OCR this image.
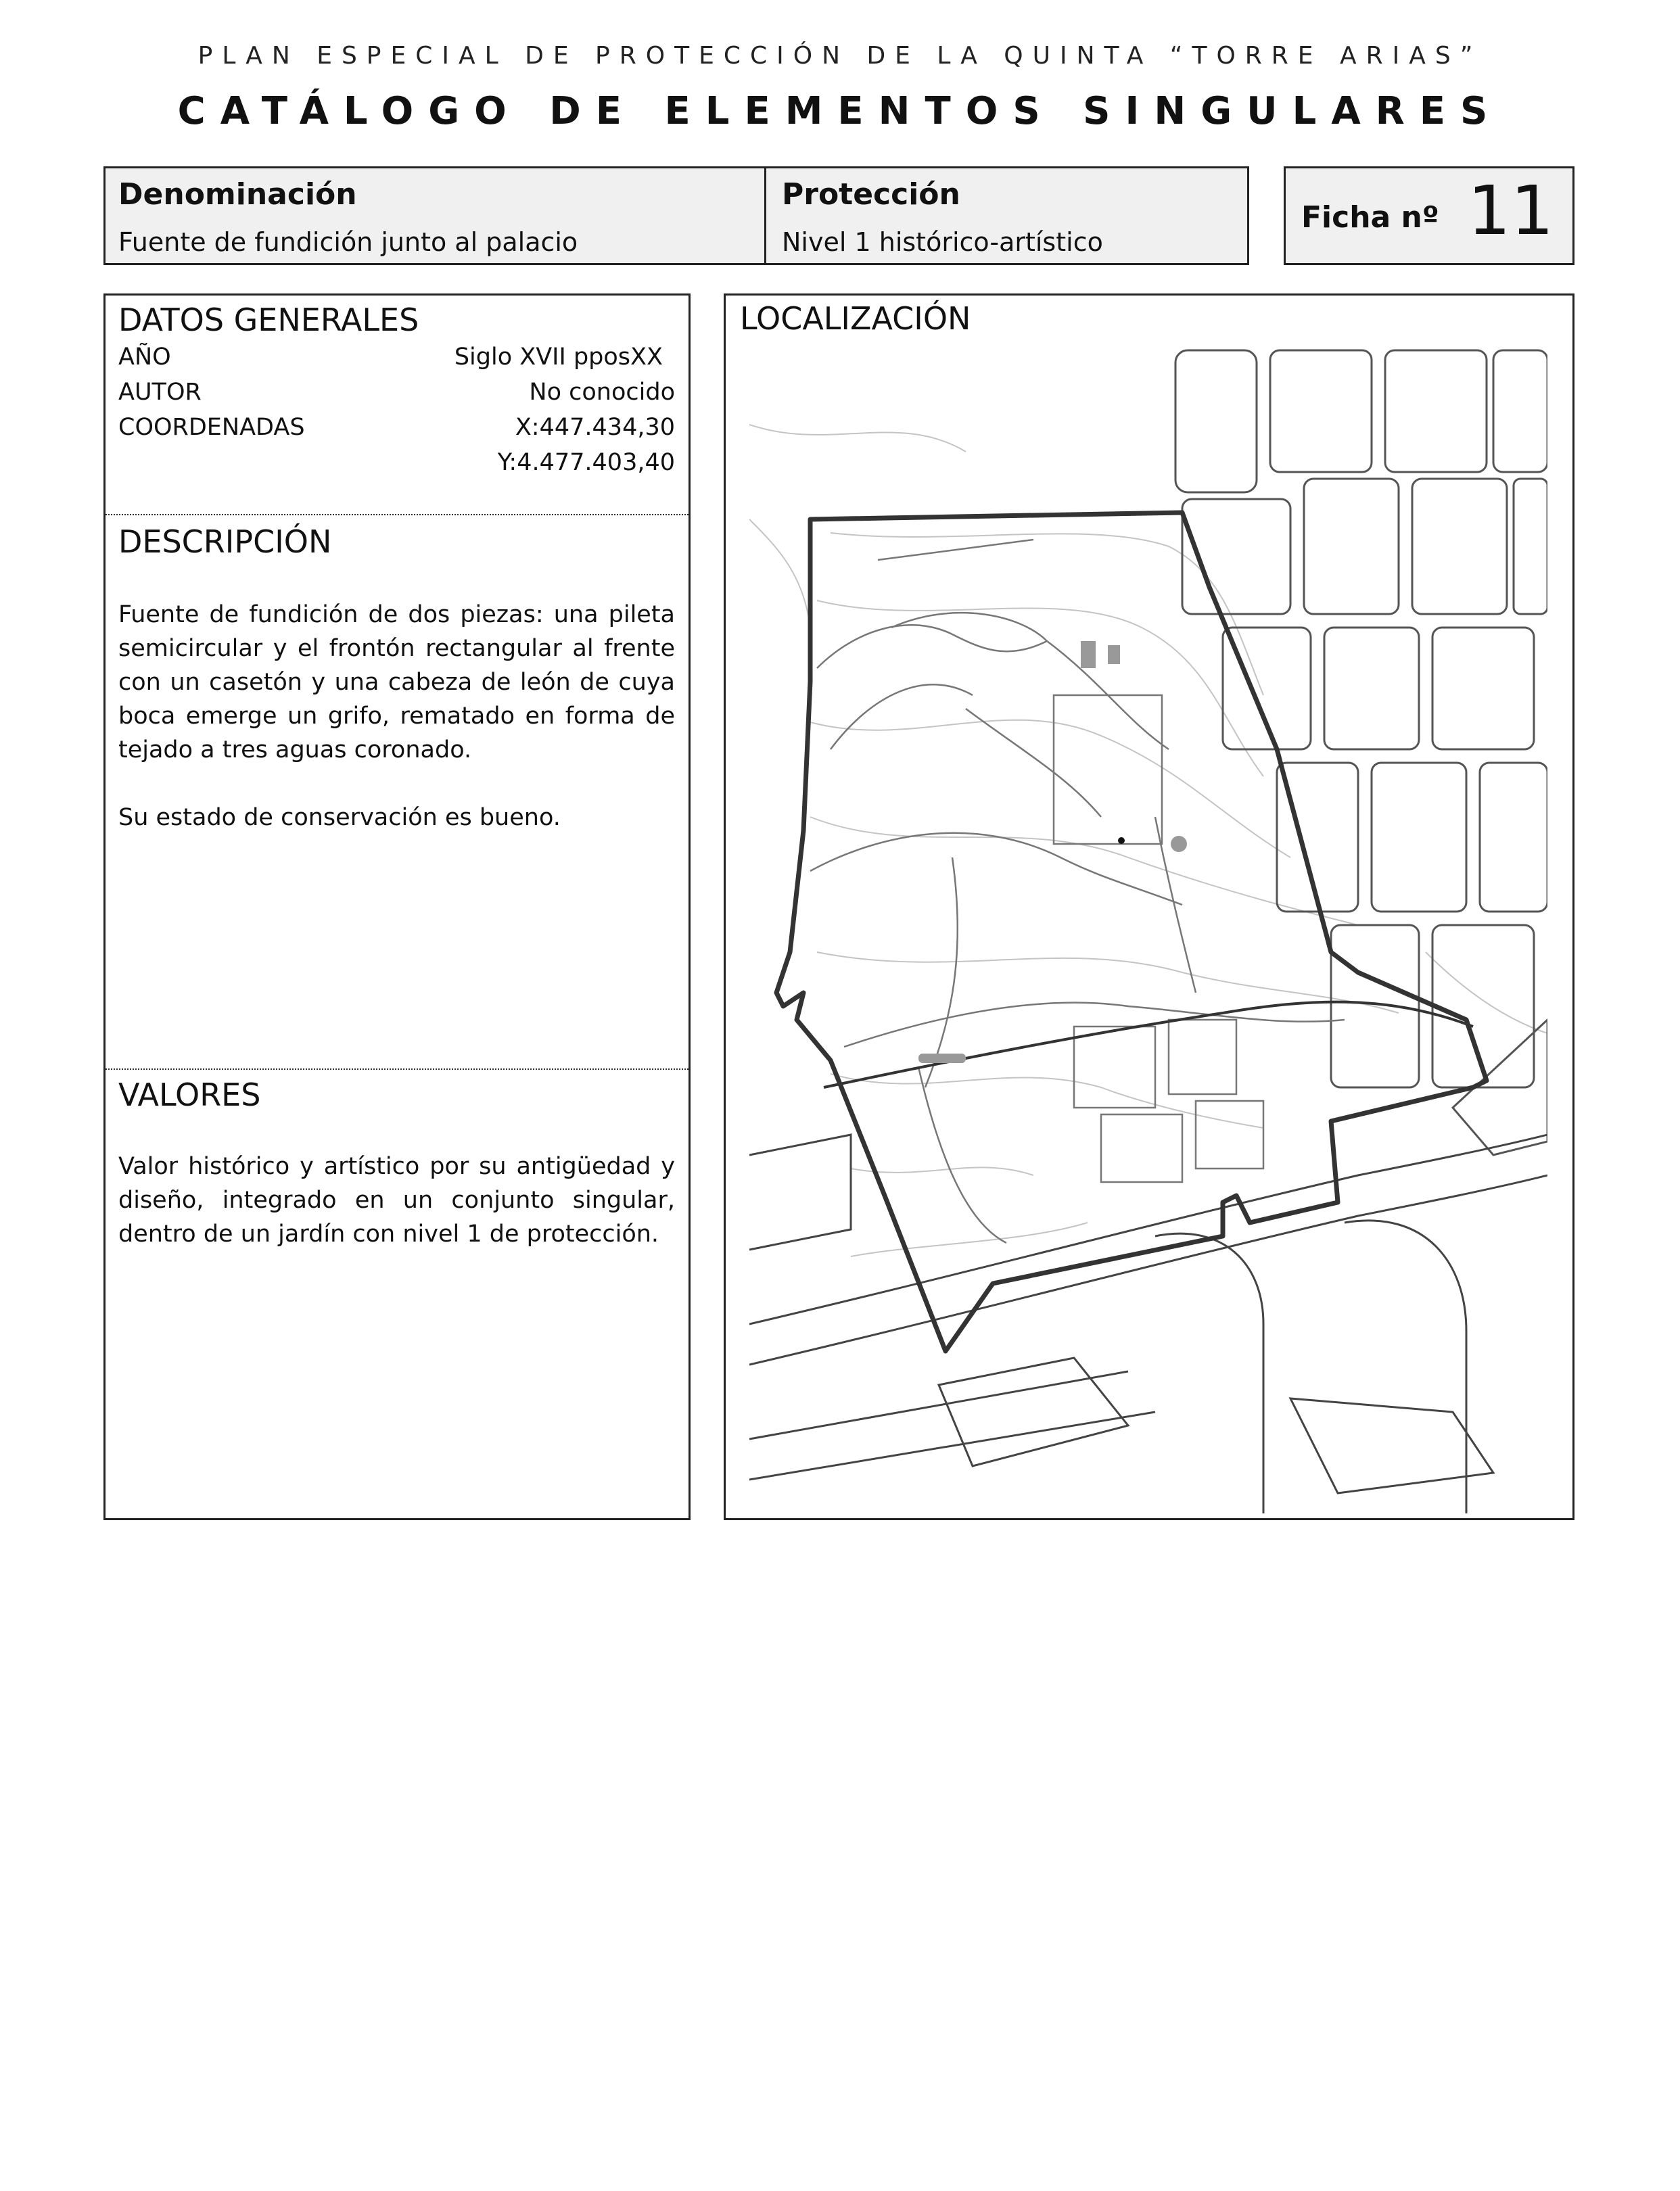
PLAN ESPECIAL DE PROTECCIÓN DE LA QUINTA “TORRE ARIAS”
CATÁLOGO DE ELEMENTOS SINGULARES
Denominación
Fuente de fundición junto al palacio
Protección
Nivel 1 histórico-artístico
Ficha nº 11
DATOS GENERALES
AÑO	Siglo XVII pposXX
AUTOR	No conocido
COORDENADAS	X:447.434,30
Y:4.477.403,40
DESCRIPCIÓN
Fuente de fundición de dos piezas: una pileta semicircular y el frontón rectangular al frente con un casetón y una cabeza de león de cuya boca emerge un grifo, rematado en forma de tejado a tres aguas coronado.
Su estado de conservación es bueno.
VALORES
Valor histórico y artístico por su antigüedad y diseño, integrado en un conjunto singular, dentro de un jardín con nivel 1 de protección.
LOCALIZACIÓN
